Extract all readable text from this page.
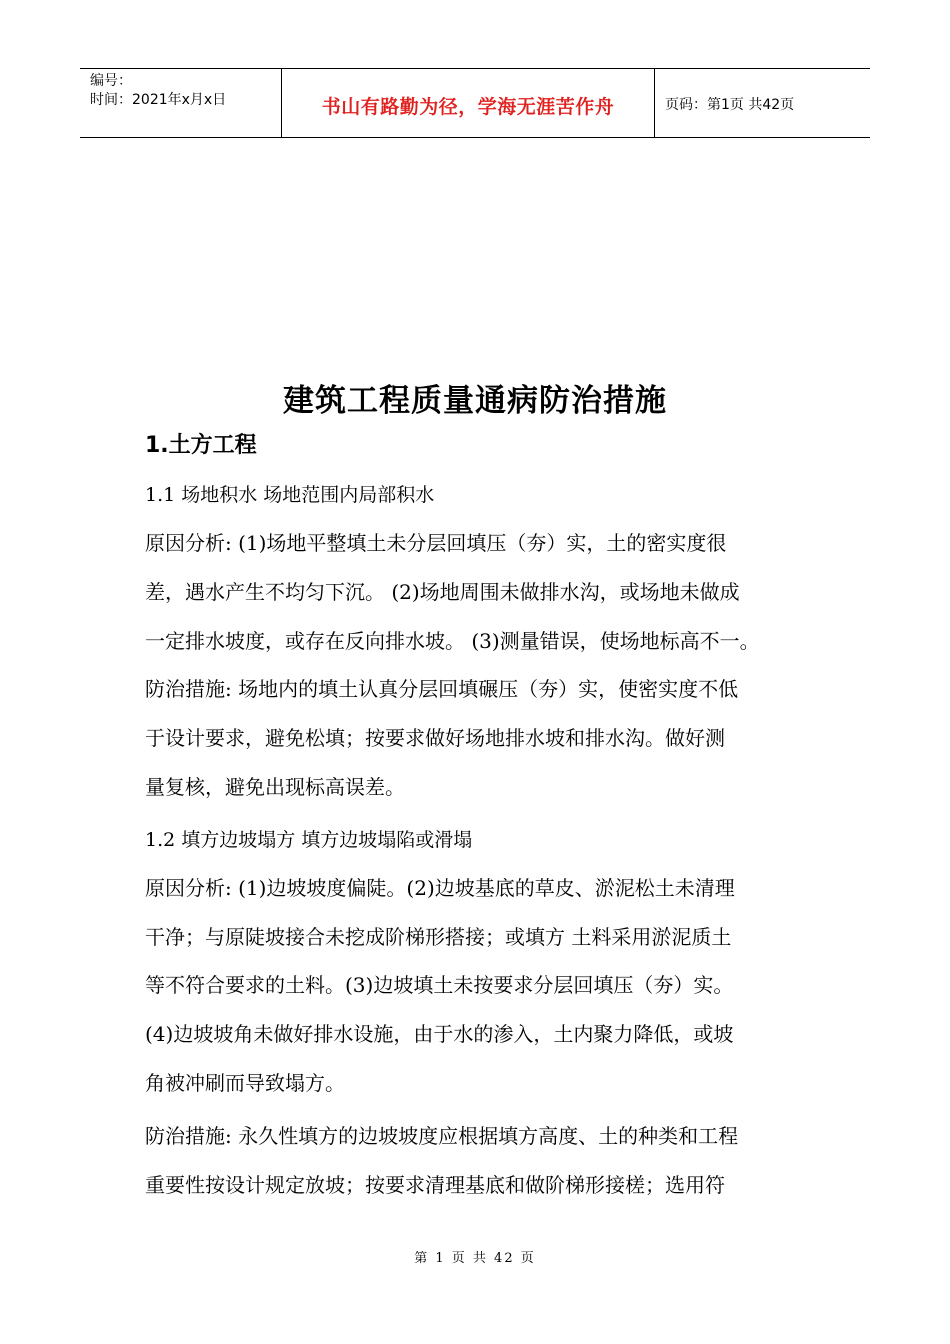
编号：
时间：2021年x月x日	书山有路勤为径，学海无涯苦作舟	页码：第1页 共42页
建筑工程质量通病防治措施
1.土方工程
1.1 场地积水 场地范围内局部积水

原因分析: (1)场地平整填土未分层回填压（夯）实，土的密实度很

差，遇水产生不均匀下沉。 (2)场地周围未做排水沟，或场地未做成

一定排水坡度，或存在反向排水坡。 (3)测量错误，使场地标高不一。

防治措施: 场地内的填土认真分层回填碾压（夯）实，使密实度不低

于设计要求，避免松填；按要求做好场地排水坡和排水沟。做好测

量复核，避免出现标高误差。

1.2 填方边坡塌方 填方边坡塌陷或滑塌

原因分析: (1)边坡坡度偏陡。(2)边坡基底的草皮、淤泥松土未清理

干净；与原陡坡接合未挖成阶梯形搭接；或填方 土料采用淤泥质土

等不符合要求的土料。(3)边坡填土未按要求分层回填压（夯）实。

(4)边坡坡角未做好排水设施，由于水的渗入，土内聚力降低，或坡

角被冲刷而导致塌方。

防治措施: 永久性填方的边坡坡度应根据填方高度、土的种类和工程

重要性按设计规定放坡；按要求清理基底和做阶梯形接槎；选用符

第 1 页 共 42 页
